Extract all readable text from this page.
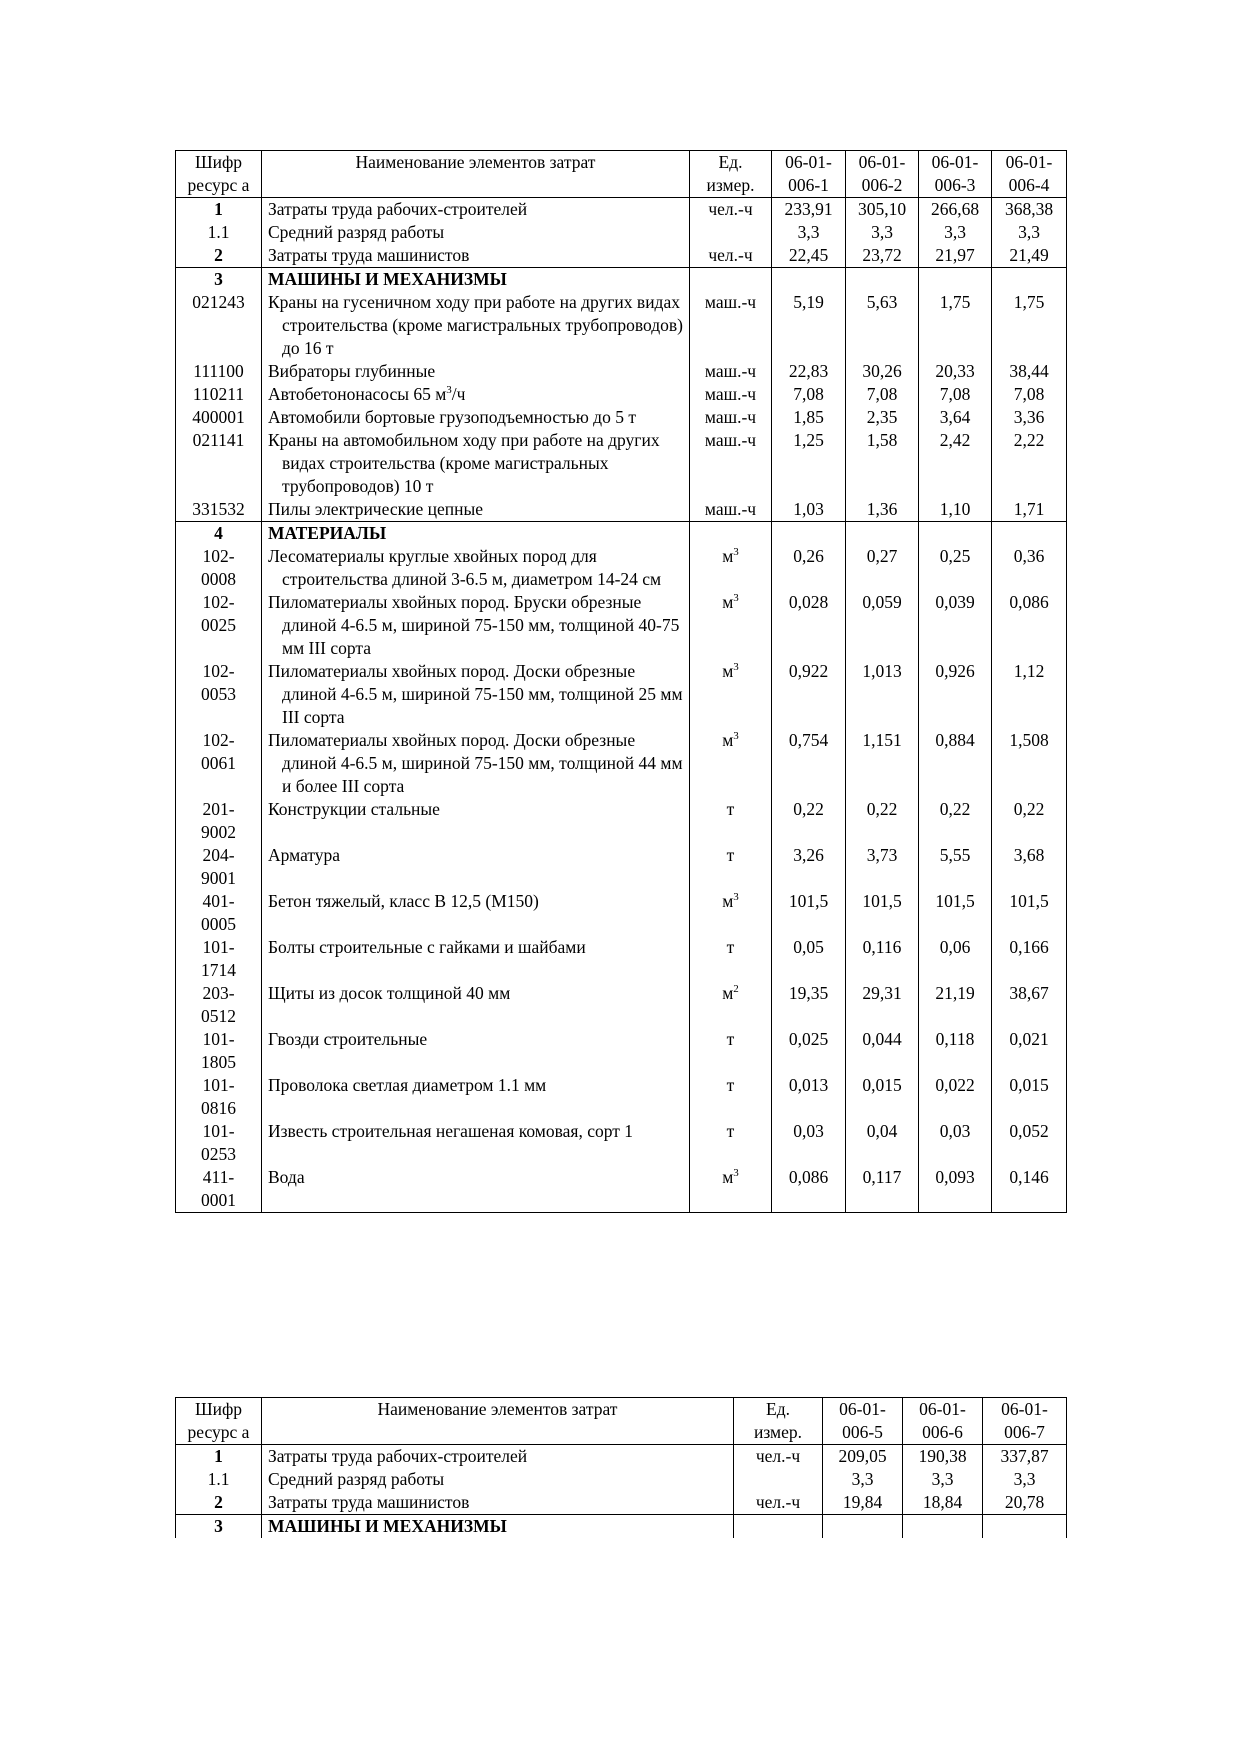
Шифр ресурс а	Наименование элементов затрат	Ед. измер.	06-01-006-1	06-01-006-2	06-01-006-3	06-01-006-4
1	Затраты труда рабочих-строителей	чел.-ч	233,91	305,10	266,68	368,38
1.1	Средний разряд работы		3,3	3,3	3,3	3,3
2	Затраты труда машинистов	чел.-ч	22,45	23,72	21,97	21,49
3	МАШИНЫ И МЕХАНИЗМЫ					
021243	Краны на гусеничном ходу при работе на других видах строительства (кроме магистральных трубопроводов) до 16 т	маш.-ч	5,19	5,63	1,75	1,75
111100	Вибраторы глубинные	маш.-ч	22,83	30,26	20,33	38,44
110211	Автобетононасосы 65 $м^3/ч$	маш.-ч	7,08	7,08	7,08	7,08
400001	Автомобили бортовые грузоподъемностью до 5 т	маш.-ч	1,85	2,35	3,64	3,36
021141	Краны на автомобильном ходу при работе на других видах строительства (кроме магистральных трубопроводов) 10 т	маш.-ч	1,25	1,58	2,42	2,22
331532	Пилы электрические цепные	маш.-ч	1,03	1,36	1,10	1,71
4	МАТЕРИАЛЫ					
102-0008	Лесоматериалы круглые хвойных пород для строительства длиной 3-6.5 м, диаметром 14-24 см	$м^3$	0,26	0,27	0,25	0,36
102-0025	Пиломатериалы хвойных пород. Бруски обрезные длиной 4-6.5 м, шириной 75-150 мм, толщиной 40-75 мм III сорта	$м^3$	0,028	0,059	0,039	0,086
102-0053	Пиломатериалы хвойных пород. Доски обрезные длиной 4-6.5 м, шириной 75-150 мм, толщиной 25 мм III сорта	$м^3$	0,922	1,013	0,926	1,12
102-0061	Пиломатериалы хвойных пород. Доски обрезные длиной 4-6.5 м, шириной 75-150 мм, толщиной 44 мм и более III сорта	$м^3$	0,754	1,151	0,884	1,508
201-9002	Конструкции стальные	т	0,22	0,22	0,22	0,22
204-9001	Арматура	т	3,26	3,73	5,55	3,68
401-0005	Бетон тяжелый, класс В 12,5 (М150)	$м^3$	101,5	101,5	101,5	101,5
101-1714	Болты строительные с гайками и шайбами	т	0,05	0,116	0,06	0,166
203-0512	Щиты из досок толщиной 40 мм	$м^2$	19,35	29,31	21,19	38,67
101-1805	Гвозди строительные	т	0,025	0,044	0,118	0,021
101-0816	Проволока светлая диаметром 1.1 мм	т	0,013	0,015	0,022	0,015
101-0253	Известь строительная негашеная комовая, сорт 1	т	0,03	0,04	0,03	0,052
411-0001	Вода	$м^3$	0,086	0,117	0,093	0,146
Шифр ресурс а	Наименование элементов затрат	Ед. измер.	06-01-006-5	06-01-006-6	06-01-006-7
1	Затраты труда рабочих-строителей	чел.-ч	209,05	190,38	337,87
1.1	Средний разряд работы		3,3	3,3	3,3
2	Затраты труда машинистов	чел.-ч	19,84	18,84	20,78
3	МАШИНЫ И МЕХАНИЗМЫ				
